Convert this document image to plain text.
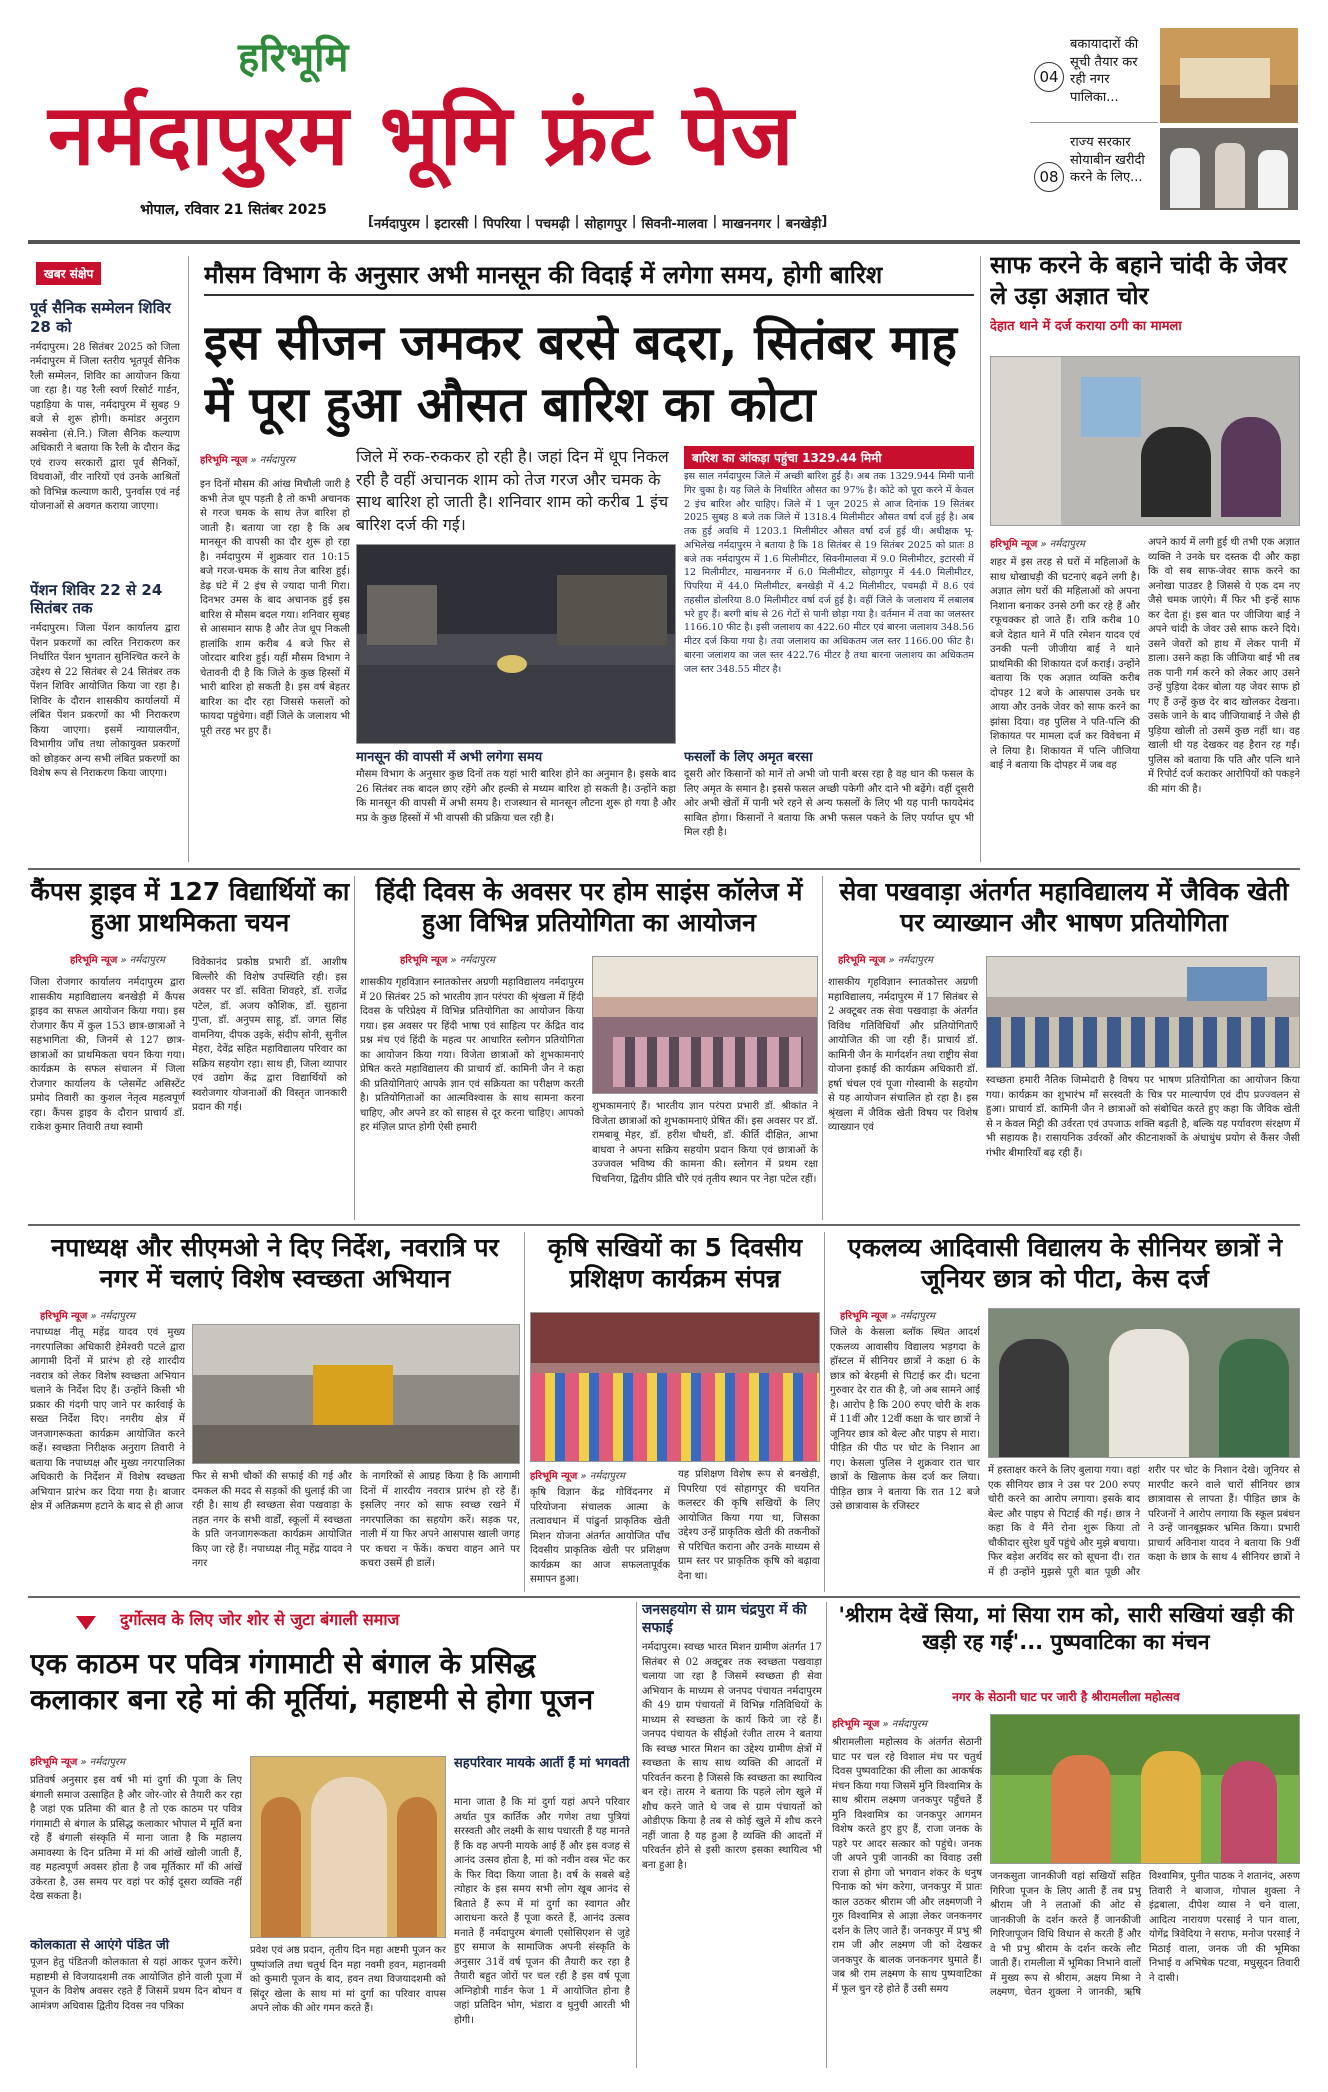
हरिभूमि
नर्मदापुरम भूमि फ्रंट पेज
भोपाल, रविवार 21 सितंबर 2025
04
बकायादारों की सूची तैयार कर रही नगर पालिका...
08
राज्य सरकार सोयाबीन खरीदी करने के लिए...
[ नर्मदापुरम | इटारसी | पिपरिया | पचमढ़ी | सोहागपुर | सिवनी-मालवा | माखननगर | बनखेड़ी ]
खबर संक्षेप
पूर्व सैनिक सम्मेलन शिविर 28 को
नर्मदापुरम। 28 सितंबर 2025 को जिला नर्मदापुरम में जिला स्तरीय भूतपूर्व सैनिक रैली सम्मेलन, शिविर का आयोजन किया जा रहा है। यह रैली स्वर्ण रिसोर्ट गार्डन, पहाड़िया के पास, नर्मदापुरम में सुबह 9 बजे से शुरू होगी। कमांडर अनुराग सक्सेना (से.नि.) जिला सैनिक कल्याण अधिकारी ने बताया कि रैली के दौरान केंद्र एवं राज्य सरकारों द्वारा पूर्व सैनिकों, विधवाओं, वीर नारियों एवं उनके आश्रितों को विभिन्न कल्याण कारी, पुनर्वास एवं नई योजनाओं से अवगत कराया जाएगा।
पेंशन शिविर 22 से 24 सितंबर तक
नर्मदापुरम। जिला पेंशन कार्यालय द्वारा पेंशन प्रकरणों का त्वरित निराकरण कर निर्धारित पेंशन भुगतान सुनिश्चित करने के उद्देश्य से 22 सितंबर से 24 सितंबर तक पेंशन शिविर आयोजित किया जा रहा है। शिविर के दौरान शासकीय कार्यालयों में लंबित पेंशन प्रकरणों का भी निराकरण किया जाएगा। इसमें न्यायालयीन, विभागीय जाँच तथा लोकायुक्त प्रकरणों को छोड़कर अन्य सभी लंबित प्रकरणों का विशेष रूप से निराकरण किया जाएगा।
मौसम विभाग के अनुसार अभी मानसून की विदाई में लगेगा समय, होगी बारिश
इस सीजन जमकर बरसे बदरा, सितंबर माह में पूरा हुआ औसत बारिश का कोटा
हरिभूमि न्यूज » नर्मदापुरम	जिले में रुक-रुककर हो रही है। जहां दिन में धूप निकल रही है वहीं अचानक शाम को तेज गरज और चमक के साथ बारिश हो जाती है। शनिवार शाम को करीब 1 इंच बारिश दर्ज की गई।
इन दिनों मौसम की आंख मिचौली जारी है कभी तेज धूप पड़ती है तो कभी अचानक से गरज चमक के साथ तेज बारिश हो जाती है। बताया जा रहा है कि अब मानसून की वापसी का दौर शुरू हो रहा है। नर्मदापुरम में शुक्रवार रात 10:15 बजे गरज-चमक के साथ तेज बारिश हुई। डेढ़ घंटे में 2 इंच से ज्यादा पानी गिरा। दिनभर उमस के बाद अचानक हुई इस बारिश से मौसम बदल गया। शनिवार सुबह से आसमान साफ है और तेज धूप निकली हालांकि शाम करीब 4 बजे फिर से जोरदार बारिश हुई। यहीं मौसम विभाग ने चेतावनी दी है कि जिले के कुछ हिस्सों में भारी बारिश हो सकती है। इस वर्ष बेहतर बारिश का दौर रहा जिससे फसलों को फायदा पहुंचेगा। वहीं जिले के जलाशय भी पूरी तरह भर हुए हैं।
मानसून की वापसी में अभी लगेगा समय
मौसम विभाग के अनुसार कुछ दिनों तक यहां भारी बारिश होने का अनुमान है। इसके बाद 26 सितंबर तक बादल छाए रहेंगे और हल्की से मध्यम बारिश हो सकती है। उन्होंने कहा कि मानसून की वापसी में अभी समय है। राजस्थान से मानसून लौटना शुरू हो गया है और मप्र के कुछ हिस्सों में भी वापसी की प्रक्रिया चल रही है।
बारिश का आंकड़ा पहुंचा 1329.44 मिमी
इस साल नर्मदापुरम जिले में अच्छी बारिश हुई है। अब तक 1329.944 मिमी पानी गिर चुका है। यह जिले के निर्धारित औसत का 97% है। कोटे को पूरा करने में केवल 2 इंच बारिश और चाहिए। जिले में 1 जून 2025 से आज दिनांक 19 सितंबर 2025 सुबह 8 बजे तक जिले में 1318.4 मिलीमीटर औसत वर्षा दर्ज हुई है। अब तक हुई अवधि में 1203.1 मिलीमीटर औसत वर्षा दर्ज हुई थी। अधीक्षक भू-अभिलेख नर्मदापुरम ने बताया है कि 18 सितंबर से 19 सितंबर 2025 को प्रातः 8 बजे तक नर्मदापुरम में 1.6 मिलीमीटर, सिवनीमालवा में 9.0 मिलीमीटर, इटारसी में 12 मिलीमीटर, माखननगर में 6.0 मिलीमीटर, सोहागपुर में 44.0 मिलीमीटर, पिपरिया में 44.0 मिलीमीटर, बनखेड़ी में 4.2 मिलीमीटर, पचमढ़ी में 8.6 एवं तहसील डोलरिया 8.0 मिलीमीटर वर्षा दर्ज हुई है। वहीं जिले के जलाशय में लबालब भरे हुए हैं। बरगी बांध से 26 गेटों से पानी छोड़ा गया है। वर्तमान में तवा का जलस्तर 1166.10 फीट है। इसी जलाशय का 422.60 मीटर एवं बारना जलाशय 348.56 मीटर दर्ज किया गया है। तवा जलाशय का अधिकतम जल स्तर 1166.00 फीट है। बारना जलाशय का जल स्तर 422.76 मीटर है तथा बारना जलाशय का अधिकतम जल स्तर 348.55 मीटर है।
फसलों के लिए अमृत बरसा
दूसरी ओर किसानों को मानें तो अभी जो पानी बरस रहा है वह धान की फसल के लिए अमृत के समान है। इससे फसल अच्छी पकेगी और दाने भी बढ़ेंगे। वहीं दूसरी ओर अभी खेतों में पानी भरे रहने से अन्य फसलों के लिए भी यह पानी फायदेमंद साबित होगा। किसानों ने बताया कि अभी फसल पकने के लिए पर्याप्त धूप भी मिल रही है।
साफ करने के बहाने चांदी के जेवर ले उड़ा अज्ञात चोर
देहात थाने में दर्ज कराया ठगी का मामला
हरिभूमि न्यूज » नर्मदापुरम
शहर में इस तरह से घरों में महिलाओं के साथ धोखाधड़ी की घटनाएं बढ़ने लगी है। अज्ञात लोग घरों की महिलाओं को अपना निशाना बनाकर उनसे ठगी कर रहे हैं और रफूचक्कर हो जाते हैं। रात्रि करीब 10 बजे देहात थाने में पति रमेशन यादव एवं उनकी पत्नी जीजीया बाई ने थाने प्राथमिकी की शिकायत दर्ज कराई। उन्होंने बताया कि एक अज्ञात व्यक्ति करीब दोपहर 12 बजे के आसपास उनके घर आया और उनके जेवर को साफ करने का झांसा दिया। वह पुलिस ने पति-पत्नि की शिकायत पर मामला दर्ज कर विवेचना में ले लिया है। शिकायत में पत्नि जीजिया बाई ने बताया कि दोपहर में जब वह
अपने कार्य में लगी हुई थी तभी एक अज्ञात व्यक्ति ने उनके घर दस्तक दी और कहा कि वो सब साफ-जेवर साफ करने का अनोखा पाउडर है जिससे ये एक दम नए जैसे चमक जाएंगे। मैं फिर भी इन्हें साफ कर देता हूं। इस बात पर जीजिया बाई ने अपने चांदी के जेवर उसे साफ करने दिये। उसने जेवरों को हाथ में लेकर पानी में डाला। उसने कहा कि जीजिया बाई भी तब तक पानी गर्म करने को लेकर आए उसने उन्हें पुड़िया देकर बोला यह जेवर साफ हो गए हैं उन्हें कुछ देर बाद खोलकर देखना। उसके जाने के बाद जीजियाबाई ने जैसे ही पुड़िया खोली तो उसमें कुछ नहीं था। वह खाली थी यह देखकर वह हैरान रह गईं। पुलिस को बताया कि पति और पत्नि थाने में रिपोर्ट दर्ज कराकर आरोपियों को पकड़ने की मांग की है।
कैंपस ड्राइव में 127 विद्यार्थियों का हुआ प्राथमिकता चयन
हरिभूमि न्यूज » नर्मदापुरम
जिला रोजगार कार्यालय नर्मदापुरम द्वारा शासकीय महाविद्यालय बनखेड़ी में कैंपस ड्राइव का सफल आयोजन किया गया। इस रोजगार कैंप में कुल 153 छात्र-छात्राओं ने सहभागिता की, जिनमें से 127 छात्र-छात्राओं का प्राथमिकता चयन किया गया। कार्यक्रम के सफल संचालन में जिला रोजगार कार्यालय के प्लेसमेंट असिस्टेंट प्रमोद तिवारी का कुशल नेतृत्व महत्वपूर्ण रहा। कैंपस ड्राइव के दौरान प्राचार्य डॉ. राकेश कुमार तिवारी तथा स्वामी
विवेकानंद प्रकोष्ठ प्रभारी डॉ. आशीष बिल्लौरे की विशेष उपस्थिति रही। इस अवसर पर डॉ. सविता शिवहरे, डॉ. राजेंद्र पटेल, डॉ. अजय कौशिक, डॉ. सुहाना गुप्ता, डॉ. अनुपम साहू, डॉ. जगत सिंह वामनिया, दीपक उइके, संदीप सोनी, सुनील मेहरा, देवेंद्र सहित महाविद्यालय परिवार का सक्रिय सहयोग रहा। साथ ही, जिला व्यापार एवं उद्योग केंद्र द्वारा विद्यार्थियों को स्वरोजगार योजनाओं की विस्तृत जानकारी प्रदान की गई।
हिंदी दिवस के अवसर पर होम साइंस कॉलेज में हुआ विभिन्न प्रतियोगिता का आयोजन
हरिभूमि न्यूज » नर्मदापुरम
शासकीय गृहविज्ञान स्नातकोत्तर अग्रणी महाविद्यालय नर्मदापुरम में 20 सितंबर 25 को भारतीय ज्ञान परंपरा की श्रृंखला में हिंदी दिवस के परिप्रेक्ष्य में विभिन्न प्रतियोगिता का आयोजन किया गया। इस अवसर पर हिंदी भाषा एवं साहित्य पर केंद्रित वाद प्रश्न मंच एवं हिंदी के महत्व पर आधारित स्लोगन प्रतियोगिता का आयोजन किया गया। विजेता छात्राओं को शुभकामनाएं प्रेषित करते महाविद्यालय की प्राचार्य डॉ. कामिनी जैन ने कहा की प्रतियोगिताएं आपके ज्ञान एवं सक्रियता का परीक्षण करती है। प्रतियोगिताओं का आत्मविश्वास के साथ सामना करना चाहिए, और अपने डर को साहस से दूर करना चाहिए। आपको हर मंज़िल प्राप्त होगी ऐसी हमारी
शुभकामनाएं हैं। भारतीय ज्ञान परंपरा प्रभारी डॉ. श्रीकांत ने विजेता छात्राओं को शुभकामनाएं प्रेषित कीं। इस अवसर पर डॉ. रामबाबू मेहर, डॉ. हरीश चौधरी, डॉ. कीर्ति दीक्षित, आभा बाधवा ने अपना सक्रिय सहयोग प्रदान किया एवं छात्राओं के उज्जवल भविष्य की कामना की। स्लोगन में प्रथम रक्षा चिचनिया, द्वितीय प्रीति चौरे एवं तृतीय स्थान पर नेहा पटेल रहीं।
सेवा पखवाड़ा अंतर्गत महाविद्यालय में जैविक खेती पर व्याख्यान और भाषण प्रतियोगिता
हरिभूमि न्यूज » नर्मदापुरम
शासकीय गृहविज्ञान स्नातकोत्तर अग्रणी महाविद्यालय, नर्मदापुरम में 17 सितंबर से 2 अक्टूबर तक सेवा पखवाड़ा के अंतर्गत विविध गतिविधियाँ और प्रतियोगिताएँ आयोजित की जा रही हैं। प्राचार्य डॉ. कामिनी जैन के मार्गदर्शन तथा राष्ट्रीय सेवा योजना इकाई की कार्यक्रम अधिकारी डॉ. हर्षा चंचल एवं पूजा गोस्वामी के सहयोग से यह आयोजन संचालित हो रहा है। इस श्रृंखला में जैविक खेती विषय पर विशेष व्याख्यान एवं
स्वच्छता हमारी नैतिक जिम्मेदारी है विषय पर भाषण प्रतियोगिता का आयोजन किया गया। कार्यक्रम का शुभारंभ माँ सरस्वती के चित्र पर माल्यार्पण एवं दीप प्रज्ज्वलन से हुआ। प्राचार्य डॉ. कामिनी जैन ने छात्राओं को संबोधित करते हुए कहा कि जैविक खेती से न केवल मिट्टी की उर्वरता एवं उपजाऊ शक्ति बढ़ती है, बल्कि यह पर्यावरण संरक्षण में भी सहायक है। रासायनिक उर्वरकों और कीटनाशकों के अंधाधुंध प्रयोग से कैंसर जैसी गंभीर बीमारियाँ बढ़ रही हैं।
नपाध्यक्ष और सीएमओ ने दिए निर्देश, नवरात्रि पर नगर में चलाएं विशेष स्वच्छता अभियान
हरिभूमि न्यूज » नर्मदापुरम
नपाध्यक्ष नीतू महेंद्र यादव एवं मुख्य नगरपालिका अधिकारी हेमेश्वरी पटले द्वारा आगामी दिनों में प्रारंभ हो रहे शारदीय नवरात्र को लेकर विशेष स्वच्छता अभियान चलाने के निर्देश दिए हैं। उन्होंने किसी भी प्रकार की गंदगी पाए जाने पर कार्रवाई के सख्त निर्देश दिए। नगरीय क्षेत्र में जनजागरूकता कार्यक्रम आयोजित करने कहें। स्वच्छता निरीक्षक अनुराग तिवारी ने बताया कि नपाध्यक्ष और मुख्य नगरपालिका अधिकारी के निर्देशन में विशेष स्वच्छता अभियान प्रारंभ कर दिया गया है। बाजार क्षेत्र में अतिक्रमण हटाने के बाद से ही आज
फिर से सभी चौकों की सफाई की गई और दमकल की मदद से सड़कों की धुलाई की जा रही है। साथ ही स्वच्छता सेवा पखवाड़ा के तहत नगर के सभी वार्डों, स्कूलों में स्वच्छता के प्रति जनजागरूकता कार्यक्रम आयोजित किए जा रहे हैं। नपाध्यक्ष नीतू महेंद्र यादव ने नगर
के नागरिकों से आग्रह किया है कि आगामी दिनों में शारदीय नवरात्र प्रारंभ हो रहे हैं। इसलिए नगर को साफ स्वच्छ रखने में नगरपालिका का सहयोग करें। सड़क पर, नाली में या फिर अपने आसपास खाली जगह पर कचरा न फेंकें। कचरा वाहन आने पर कचरा उसमें ही डालें।
कृषि सखियों का 5 दिवसीय प्रशिक्षण कार्यक्रम संपन्न
हरिभूमि न्यूज » नर्मदापुरम
कृषि विज्ञान केंद्र गोविंदनगर में परियोजना संचालक आत्मा के तत्वावधान में पांढुर्ना प्राकृतिक खेती मिशन योजना अंतर्गत आयोजित पाँच दिवसीय प्राकृतिक खेती पर प्रशिक्षण कार्यक्रम का आज सफलतापूर्वक समापन हुआ।
यह प्रशिक्षण विशेष रूप से बनखेड़ी, पिपरिया एवं सोहागपुर की चयनित कलस्टर की कृषि सखियों के लिए आयोजित किया गया था, जिसका उद्देश्य उन्हें प्राकृतिक खेती की तकनीकों से परिचित कराना और उनके माध्यम से ग्राम स्तर पर प्राकृतिक कृषि को बढ़ावा देना था।
एकलव्य आदिवासी विद्यालय के सीनियर छात्रों ने जूनियर छात्र को पीटा, केस दर्ज
हरिभूमि न्यूज » नर्मदापुरम
जिले के केसला ब्लॉक स्थित आदर्श एकलव्य आवासीय विद्यालय भड़गदा के हॉस्टल में सीनियर छात्रों ने कक्षा 6 के छात्र को बेरहमी से पिटाई कर दी। घटना गुरुवार देर रात की है, जो अब सामने आई है। आरोप है कि 200 रुपए चोरी के शक में 11वीं और 12वीं कक्षा के चार छात्रों ने जूनियर छात्र को बेल्ट और पाइप से मारा। पीड़ित की पीठ पर चोट के निशान आ गए। केसला पुलिस ने शुक्रवार रात चार छात्रों के खिलाफ केस दर्ज कर लिया। पीड़ित छात्र ने बताया कि रात 12 बजे उसे छात्रावास के रजिस्टर
में हस्ताक्षर करने के लिए बुलाया गया। वहां एक सीनियर छात्र ने उस पर 200 रुपए चोरी करने का आरोप लगाया। इसके बाद बेल्ट और पाइप से पिटाई की गई। छात्र ने कहा कि वे मैंने रोना शुरू किया तो चौकीदार सुरेश धुर्वे पहुंचे और मुझे बचाया। फिर बड़ेश अरविंद सर को सूचना दी। रात में ही उन्होंने मुझसे पूरी बात पूछी और शरीर पर चोट के निशान देखे। जूनियर से मारपीट करने वाले चारों सीनियर छात्र छात्रावास से लापता हैं। पीड़ित छात्र के परिजनों ने आरोप लगाया कि स्कूल प्रबंधन ने उन्हें जानबूझकर भ्रमित किया। प्रभारी प्राचार्य अविनाश यादव ने बताया कि 9वीं कक्षा के छात्र के साथ 4 सीनियर छात्रों ने
दुर्गोत्सव के लिए जोर शोर से जुटा बंगाली समाज
एक काठम पर पवित्र गंगामाटी से बंगाल के प्रसिद्ध कलाकार बना रहे मां की मूर्तियां, महाष्टमी से होगा पूजन
हरिभूमि न्यूज » नर्मदापुरम
प्रतिवर्ष अनुसार इस वर्ष भी मां दुर्गा की पूजा के लिए बंगाली समाज उत्साहित है और जोर-जोर से तैयारी कर रहा है जहां एक प्रतिमा की बात है तो एक काठम पर पवित्र गंगामाटी से बंगाल के प्रसिद्ध कलाकार भोपाल में मूर्ति बना रहे हैं बंगाली संस्कृति में माना जाता है कि महालय अमावस्या के दिन प्रतिमा में मां की आंखें खोली जाती हैं, वह महत्वपूर्ण अवसर होता है जब मूर्तिकार माँ की आंखें उकेरता है, उस समय पर वहां पर कोई दूसरा व्यक्ति नहीं देख सकता है।
कोलकाता से आएंगे पंडित जी
पूजन हेतु पंडितजी कोलकाता से यहां आकर पूजन करेंगे। महाष्टमी से विजयादशमी तक आयोजित होने वाली पूजा में पूजन के विशेष अवसर रहते हैं जिसमें प्रथम दिन बोधन व आमंत्रण अधिवास द्वितीय दिवस नव पत्रिका
प्रवेश एवं अष्ठ प्रदान, तृतीय दिन महा अष्टमी पूजन कर पुष्पांजलि तथा चतुर्थ दिन महा नवमी हवन, महानवमी को कुमारी पूजन के बाद, हवन तथा विजयादशमी को सिंदूर खेला के साथ मां मां दुर्गा का परिवार वापस अपने लोक की ओर गमन करते हैं।
सहपरिवार मायके आतीं हैं मां भगवती
माना जाता है कि मां दुर्गा यहां अपने परिवार अर्थात पुत्र कार्तिक और गणेश तथा पुत्रियां सरस्वती और लक्ष्मी के साथ पधारती हैं यह मानते हैं कि वह अपनी मायके आई हैं और इस वजह से आनंद उत्सव होता है, मां को नवीन वस्त्र भेंट कर के फिर विदा किया जाता है। वर्ष के सबसे बड़े त्योहार के इस समय सभी लोग खूब आनंद से बिताते हैं रूप में मां दुर्गा का स्वागत और आराधना करते हैं पूजा करते हैं, आनंद उत्सव मनाते हैं नर्मदापुरम बंगाली एसोसिएशन से जुड़े हुए समाज के सामाजिक अपनी संस्कृति के अनुसार 31वें वर्ष पूजन की तैयारी कर रहा है तैयारी बहुत जोरों पर चल रही है इस वर्ष पूजा अग्निहोत्री गार्डन फेज 1 में आयोजित होना है जहां प्रतिदिन भोग, भंडारा व धुनुची आरती भी होगी।
जनसहयोग से ग्राम चंद्रपुरा में की सफाई
नर्मदापुरम। स्वच्छ भारत मिशन ग्रामीण अंतर्गत 17 सितंबर से 02 अक्टूबर तक स्वच्छता पखवाड़ा चलाया जा रहा है जिसमें स्वच्छता ही सेवा अभियान के माध्यम से जनपद पंचायत नर्मदापुरम की 49 ग्राम पंचायतों में विभिन्न गतिविधियों के माध्यम से स्वच्छता के कार्य किये जा रहे हैं। जनपद पंचायत के सीईओ रंजीत तारम ने बताया कि स्वच्छ भारत मिशन का उद्देश्य ग्रामीण क्षेत्रों में स्वच्छता के साथ साथ व्यक्ति की आदतों में परिवर्तन करना है जिससे कि स्वच्छता का स्थायित्व बन रहे। तारम ने बताया कि पहले लोग खुले में शौच करने जाते थे जब से ग्राम पंचायतों को ओडीएफ किया है तब से कोई खुले में शौच करने नहीं जाता है यह हुआ है व्यक्ति की आदतों में परिवर्तन होने से इसी कारण इसका स्थायित्व भी बना हुआ है।
'श्रीराम देखें सिया, मां सिया राम को, सारी सखियां खड़ी की खड़ी रह गईं'... पुष्पवाटिका का मंचन
नगर के सेठानी घाट पर जारी है श्रीरामलीला महोत्सव
हरिभूमि न्यूज » नर्मदापुरम
श्रीरामलीला महोत्सव के अंतर्गत सेठानी घाट पर चल रहे विशाल मंच पर चतुर्थ दिवस पुष्पवाटिका की लीला का आकर्षक मंचन किया गया जिसमें मुनि विश्वामित्र के साथ श्रीराम लक्ष्मण जनकपुर पहुँचते हैं मुनि विश्वामित्र का जनकपुर आगमन विशेष करते हुए हुए हैं, राजा जनक के पहरे पर आदर सत्कार को पहुंचे। जनक जी अपने पुत्री जानकी का विवाह उसी राजा से होगा जो भगवान शंकर के धनुष पिनाक को भंग करेगा, जनकपुर में प्रातः काल उठकर श्रीराम जी और लक्ष्मणजी ने गुरु विश्वामित्र से आज्ञा लेकर जनकनगर दर्शन के लिए जाते हैं। जनकपुर में प्रभु श्री राम जी और लक्ष्मण जी को देखकर जनकपुर के बालक जनकनगर घुमाते हैं। जब श्री राम लक्ष्मण के साथ पुष्पवाटिका में फूल चुन रहे होते हैं उसी समय
जनकसुता जानकीजी वहां सखियों सहित गिरिजा पूजन के लिए आती हैं तब प्रभु श्रीराम जी ने लताओं की ओट से जानकीजी के दर्शन करते हैं जानकीजी गिरिजापूजन विधि विधान से करती हैं और वे भी प्रभु श्रीराम के दर्शन करके लौट जाती हैं। रामलीला में भूमिका निभाने वालों में मुख्य रूप से श्रीराम, अक्षय मिश्रा ने लक्ष्मण, चेतन शुक्ला ने जानकी, ऋषि विश्वामित्र, पुनीत पाठक ने शतानंद, अरुण तिवारी ने बाजाज, गोपाल शुक्ला ने इंद्रबाला, दीपेश व्यास ने चने वाला, आदित्य नारायण परसाई ने पान वाला, योगेंद्र त्रिवेदिया ने सराफ, मनोज परसाई ने मिठाई वाला, जनक जी की भूमिका निभाई व अभिषेक पटवा, मधुसूदन तिवारी ने दासी।
